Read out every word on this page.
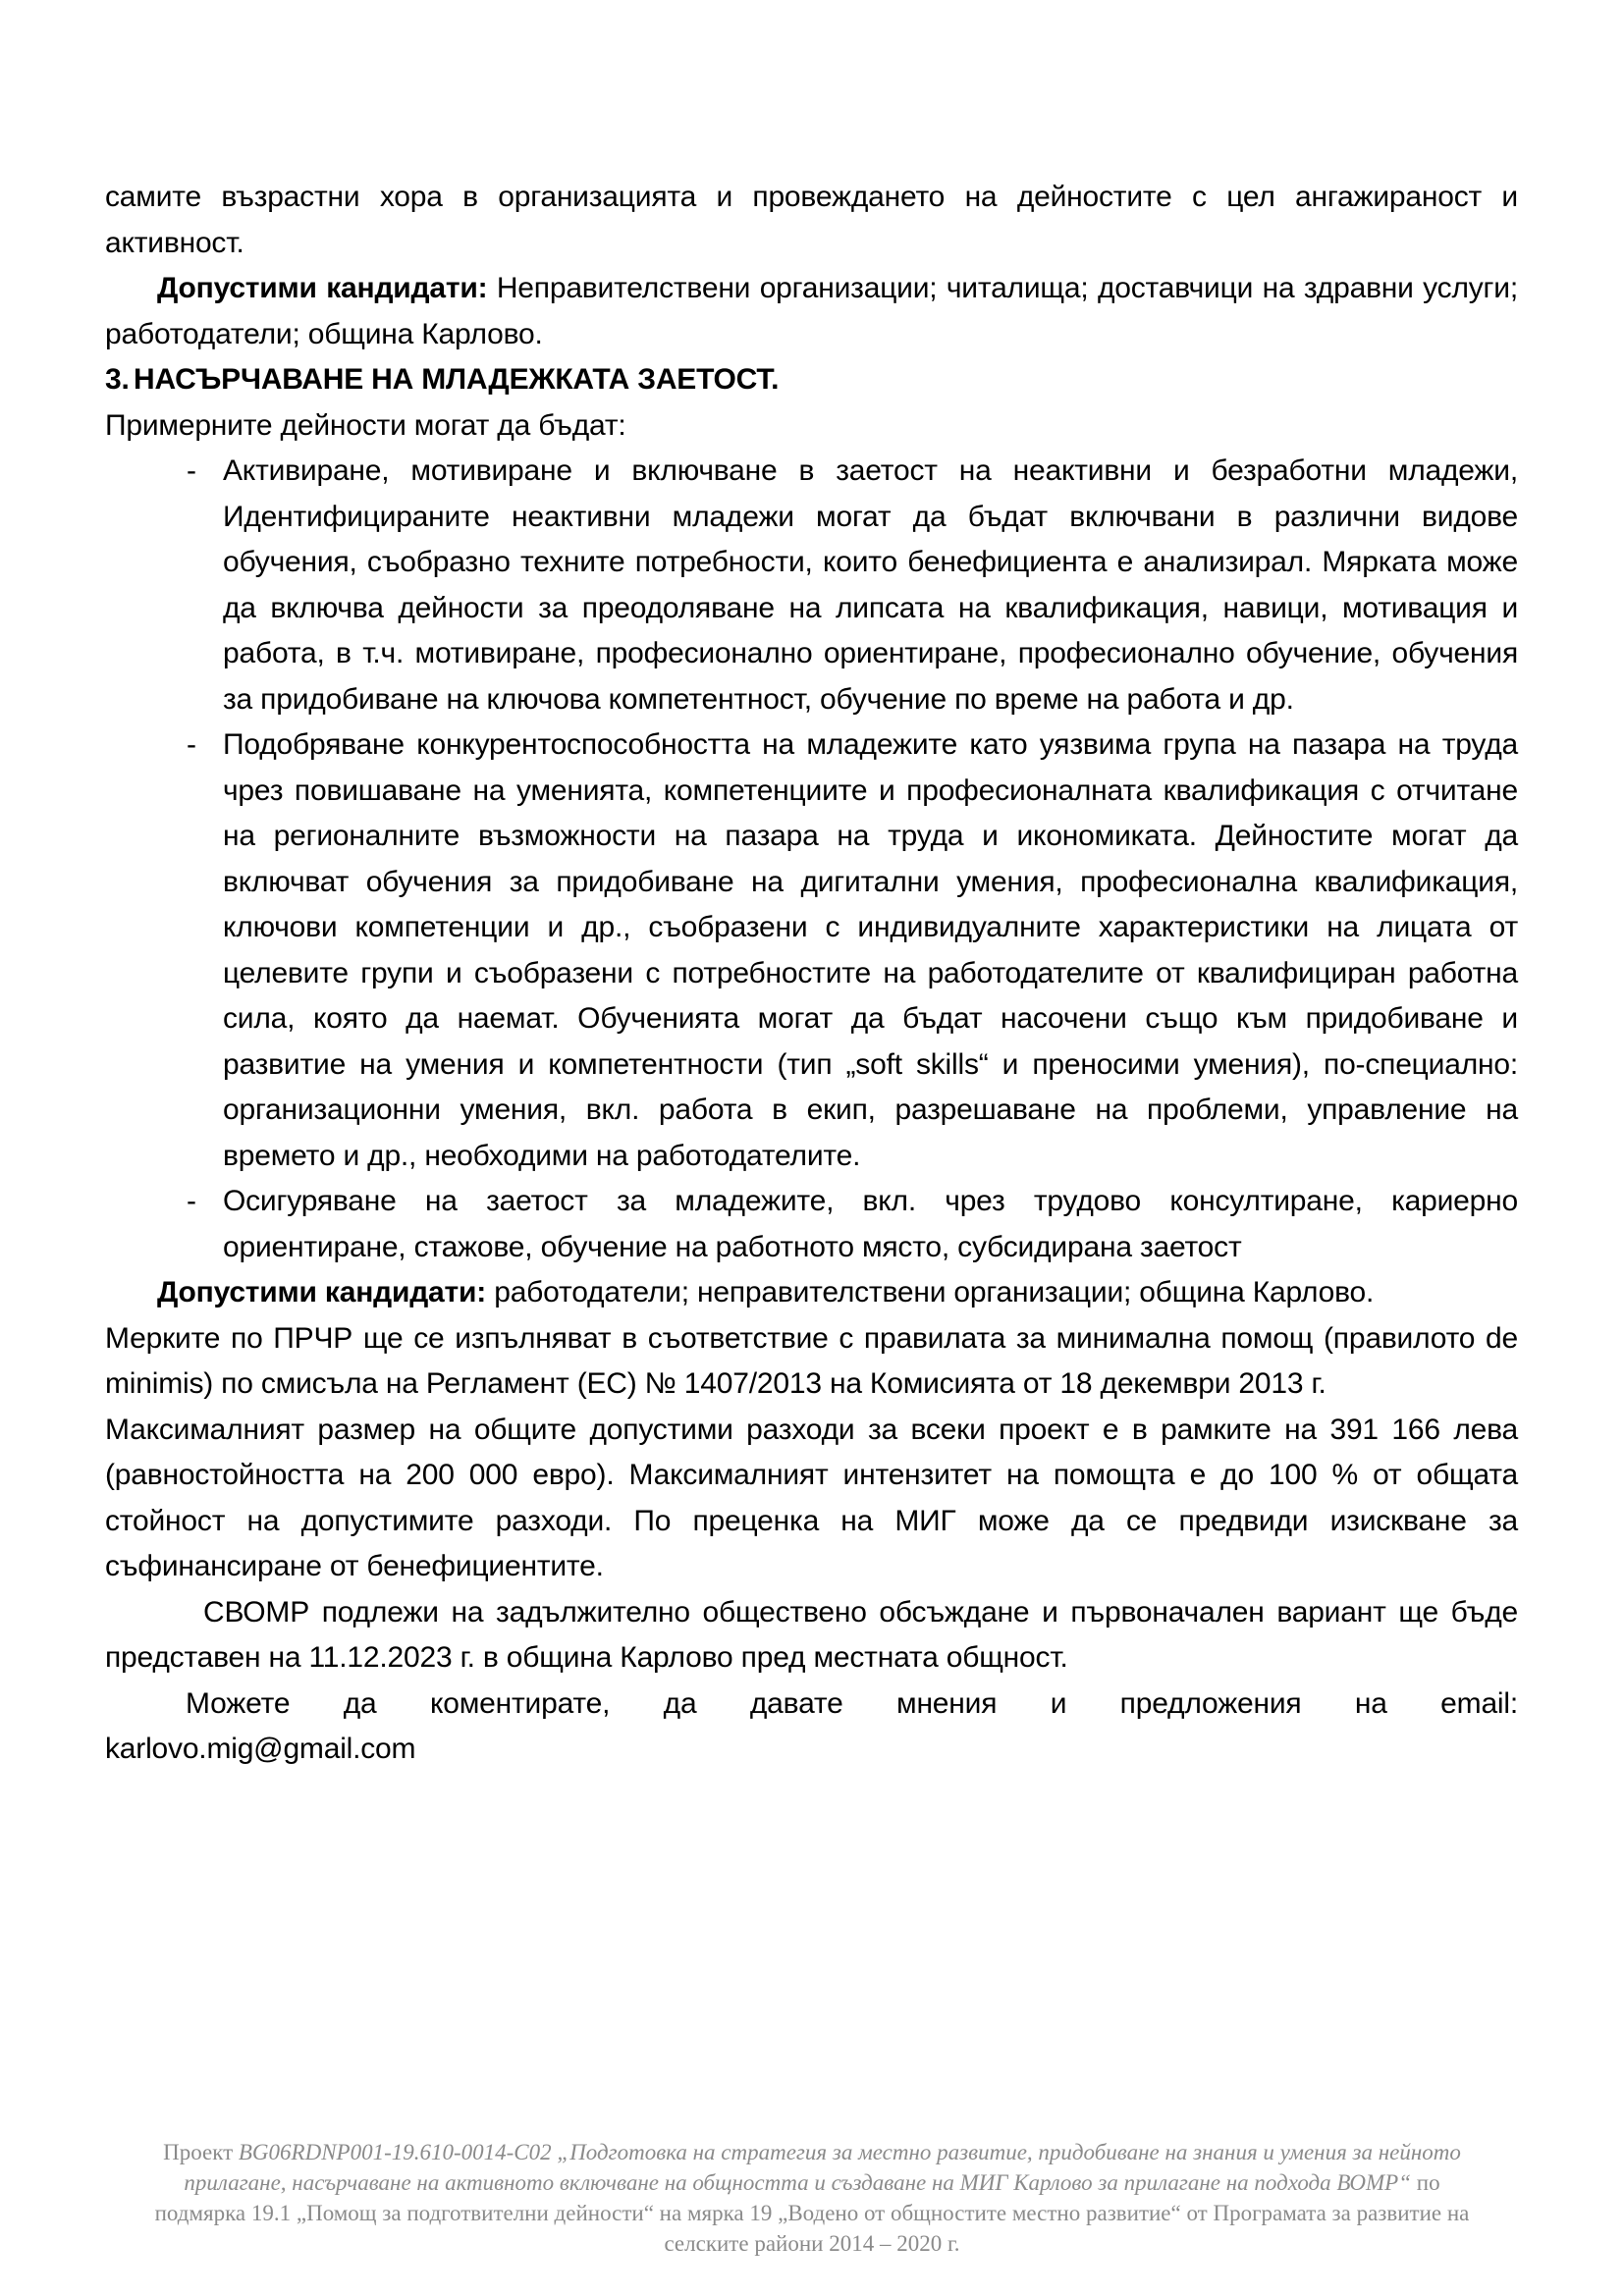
самите възрастни хора в организацията и провеждането на дейностите с цел ангажираност и активност.

Допустими кандидати: Неправителствени организации; читалища; доставчици на здравни услуги; работодатели; община Карлово.

3. НАСЪРЧАВАНЕ НА МЛАДЕЖКАТА ЗАЕТОСТ.

Примерните дейности могат да бъдат:

- Активиране, мотивиране и включване в заетост на неактивни и безработни младежи, Идентифицираните неактивни младежи могат да бъдат включвани в различни видове обучения, съобразно техните потребности, които бенефициента е анализирал. Мярката може да включва дейности за преодоляване на липсата на квалификация, навици, мотивация и работа, в т.ч. мотивиране, професионално ориентиране, професионално обучение, обучения за придобиване на ключова компетентност, обучение по време на работа и др.
- Подобряване конкурентоспособността на младежите като уязвима група на пазара на труда чрез повишаване на уменията, компетенциите и професионалната квалификация с отчитане на регионалните възможности на пазара на труда и икономиката. Дейностите могат да включват обучения за придобиване на дигитални умения, професионална квалификация, ключови компетенции и др., съобразени с индивидуалните характеристики на лицата от целевите групи и съобразени с потребностите на работодателите от квалифициран работна сила, която да наемат. Обученията могат да бъдат насочени също към придобиване и развитие на умения и компетентности (тип „soft skills“ и преносими умения), по-специално: организационни умения, вкл. работа в екип, разрешаване на проблеми, управление на времето и др., необходими на работодателите.
- Осигуряване на заетост за младежите, вкл. чрез трудово консултиране, кариерно ориентиране, стажове, обучение на работното място, субсидирана заетост

Допустими кандидати: работодатели; неправителствени организации; община Карлово.

Мерките по ПРЧР ще се изпълняват в съответствие с правилата за минимална помощ (правилото de minimis) по смисъла на Регламент (ЕС) № 1407/2013 на Комисията от 18 декември 2013 г.

Максималният размер на общите допустими разходи за всеки проект е в рамките на 391 166 лева (равностойността на 200 000 евро). Максималният интензитет на помощта е до 100 % от общата стойност на допустимите разходи. По преценка на МИГ може да се предвиди изискване за съфинансиране от бенефициентите.

СВОМР подлежи на задължително обществено обсъждане и първоначален вариант ще бъде представен на 11.12.2023 г. в община Карлово пред местната общност.

Можете да коментирате, да давате мнения и предложения на email:

karlovo.mig@gmail.com

Проект BG06RDNP001-19.610-0014-C02 „Подготовка на стратегия за местно развитие, придобиване на знания и умения за нейното прилагане, насърчаване на активното включване на общността и създаване на МИГ Карлово за прилагане на подхода ВОМР“ по подмярка 19.1 „Помощ за подготвителни дейности“ на мярка 19 „Водено от общностите местно развитие“ от Програмата за развитие на селските райони 2014 – 2020 г.
